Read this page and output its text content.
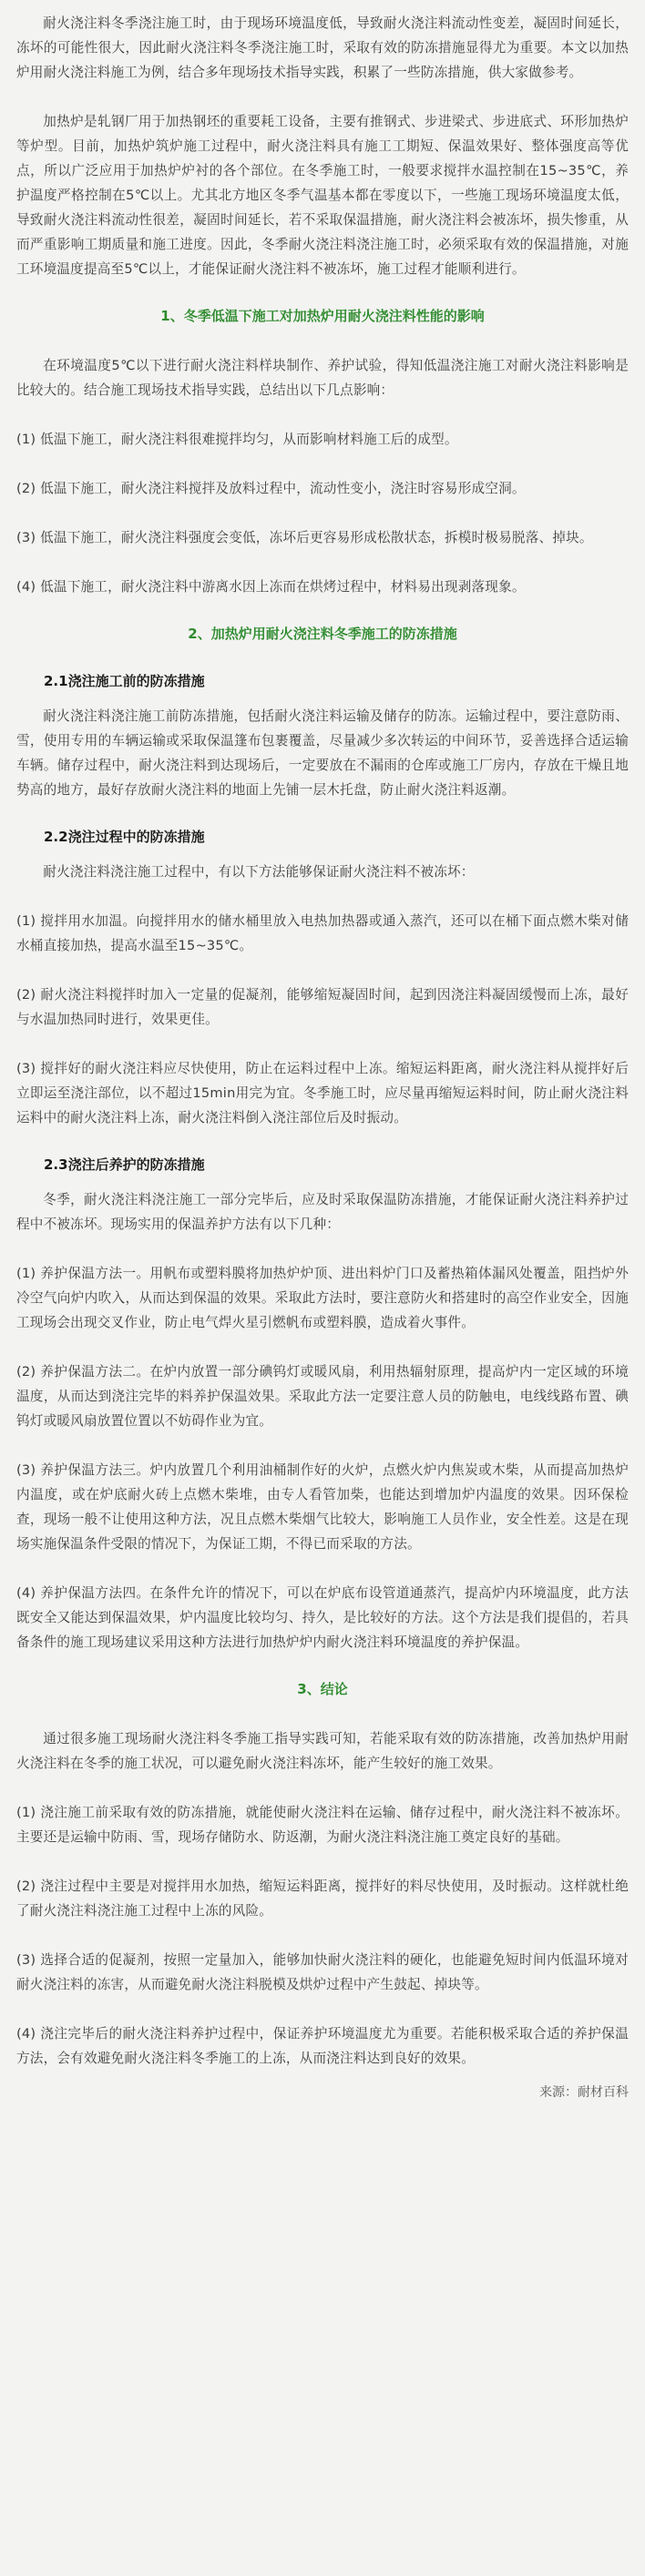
耐火浇注料冬季浇注施工时，由于现场环境温度低，导致耐火浇注料流动性变差，凝固时间延长，冻坏的可能性很大，因此耐火浇注料冬季浇注施工时，采取有效的防冻措施显得尤为重要。本文以加热炉用耐火浇注料施工为例，结合多年现场技术指导实践，积累了一些防冻措施，供大家做参考。

加热炉是轧钢厂用于加热钢坯的重要耗工设备，主要有推钢式、步进梁式、步进底式、环形加热炉等炉型。目前，加热炉筑炉施工过程中，耐火浇注料具有施工工期短、保温效果好、整体强度高等优点，所以广泛应用于加热炉炉衬的各个部位。在冬季施工时，一般要求搅拌水温控制在15~35℃，养护温度严格控制在5℃以上。尤其北方地区冬季气温基本都在零度以下，一些施工现场环境温度太低，导致耐火浇注料流动性很差，凝固时间延长，若不采取保温措施，耐火浇注料会被冻坏，损失惨重，从而严重影响工期质量和施工进度。因此，冬季耐火浇注料浇注施工时，必须采取有效的保温措施，对施工环境温度提高至5℃以上，才能保证耐火浇注料不被冻坏，施工过程才能顺利进行。

1、冬季低温下施工对加热炉用耐火浇注料性能的影响

在环境温度5℃以下进行耐火浇注料样块制作、养护试验，得知低温浇注施工对耐火浇注料影响是比较大的。结合施工现场技术指导实践，总结出以下几点影响：

(1) 低温下施工，耐火浇注料很难搅拌均匀，从而影响材料施工后的成型。

(2) 低温下施工，耐火浇注料搅拌及放料过程中，流动性变小，浇注时容易形成空洞。

(3) 低温下施工，耐火浇注料强度会变低，冻坏后更容易形成松散状态，拆模时极易脱落、掉块。

(4) 低温下施工，耐火浇注料中游离水因上冻而在烘烤过程中，材料易出现剥落现象。

2、加热炉用耐火浇注料冬季施工的防冻措施
2.1浇注施工前的防冻措施

耐火浇注料浇注施工前防冻措施，包括耐火浇注料运输及储存的防冻。运输过程中，要注意防雨、雪，使用专用的车辆运输或采取保温篷布包裹覆盖，尽量减少多次转运的中间环节，妥善选择合适运输车辆。储存过程中，耐火浇注料到达现场后，一定要放在不漏雨的仓库或施工厂房内，存放在干燥且地势高的地方，最好存放耐火浇注料的地面上先铺一层木托盘，防止耐火浇注料返潮。

2.2浇注过程中的防冻措施

耐火浇注料浇注施工过程中，有以下方法能够保证耐火浇注料不被冻坏：

(1) 搅拌用水加温。向搅拌用水的储水桶里放入电热加热器或通入蒸汽，还可以在桶下面点燃木柴对储水桶直接加热，提高水温至15~35℃。

(2) 耐火浇注料搅拌时加入一定量的促凝剂，能够缩短凝固时间，起到因浇注料凝固缓慢而上冻，最好与水温加热同时进行，效果更佳。

(3) 搅拌好的耐火浇注料应尽快使用，防止在运料过程中上冻。缩短运料距离，耐火浇注料从搅拌好后立即运至浇注部位，以不超过15min用完为宜。冬季施工时，应尽量再缩短运料时间，防止耐火浇注料运料中的耐火浇注料上冻，耐火浇注料倒入浇注部位后及时振动。

2.3浇注后养护的防冻措施

冬季，耐火浇注料浇注施工一部分完毕后，应及时采取保温防冻措施，才能保证耐火浇注料养护过程中不被冻坏。现场实用的保温养护方法有以下几种：

(1) 养护保温方法一。用帆布或塑料膜将加热炉炉顶、进出料炉门口及蓄热箱体漏风处覆盖，阻挡炉外冷空气向炉内吹入，从而达到保温的效果。采取此方法时，要注意防火和搭建时的高空作业安全，因施工现场会出现交叉作业，防止电气焊火星引燃帆布或塑料膜，造成着火事件。

(2) 养护保温方法二。在炉内放置一部分碘钨灯或暖风扇，利用热辐射原理，提高炉内一定区域的环境温度，从而达到浇注完毕的料养护保温效果。采取此方法一定要注意人员的防触电，电线线路布置、碘钨灯或暖风扇放置位置以不妨碍作业为宜。

(3) 养护保温方法三。炉内放置几个利用油桶制作好的火炉，点燃火炉内焦炭或木柴，从而提高加热炉内温度，或在炉底耐火砖上点燃木柴堆，由专人看管加柴，也能达到增加炉内温度的效果。因环保检查，现场一般不让使用这种方法，况且点燃木柴烟气比较大，影响施工人员作业，安全性差。这是在现场实施保温条件受限的情况下，为保证工期，不得已而采取的方法。

(4) 养护保温方法四。在条件允许的情况下，可以在炉底布设管道通蒸汽，提高炉内环境温度，此方法既安全又能达到保温效果，炉内温度比较均匀、持久，是比较好的方法。这个方法是我们提倡的，若具备条件的施工现场建议采用这种方法进行加热炉炉内耐火浇注料环境温度的养护保温。

3、结论

通过很多施工现场耐火浇注料冬季施工指导实践可知，若能采取有效的防冻措施，改善加热炉用耐火浇注料在冬季的施工状况，可以避免耐火浇注料冻坏，能产生较好的施工效果。

(1) 浇注施工前采取有效的防冻措施，就能使耐火浇注料在运输、储存过程中，耐火浇注料不被冻坏。主要还是运输中防雨、雪，现场存储防水、防返潮，为耐火浇注料浇注施工奠定良好的基础。

(2) 浇注过程中主要是对搅拌用水加热，缩短运料距离，搅拌好的料尽快使用，及时振动。这样就杜绝了耐火浇注料浇注施工过程中上冻的风险。

(3) 选择合适的促凝剂，按照一定量加入，能够加快耐火浇注料的硬化，也能避免短时间内低温环境对耐火浇注料的冻害，从而避免耐火浇注料脱模及烘炉过程中产生鼓起、掉块等。

(4) 浇注完毕后的耐火浇注料养护过程中，保证养护环境温度尤为重要。若能积极采取合适的养护保温方法，会有效避免耐火浇注料冬季施工的上冻，从而浇注料达到良好的效果。

来源：耐材百科
